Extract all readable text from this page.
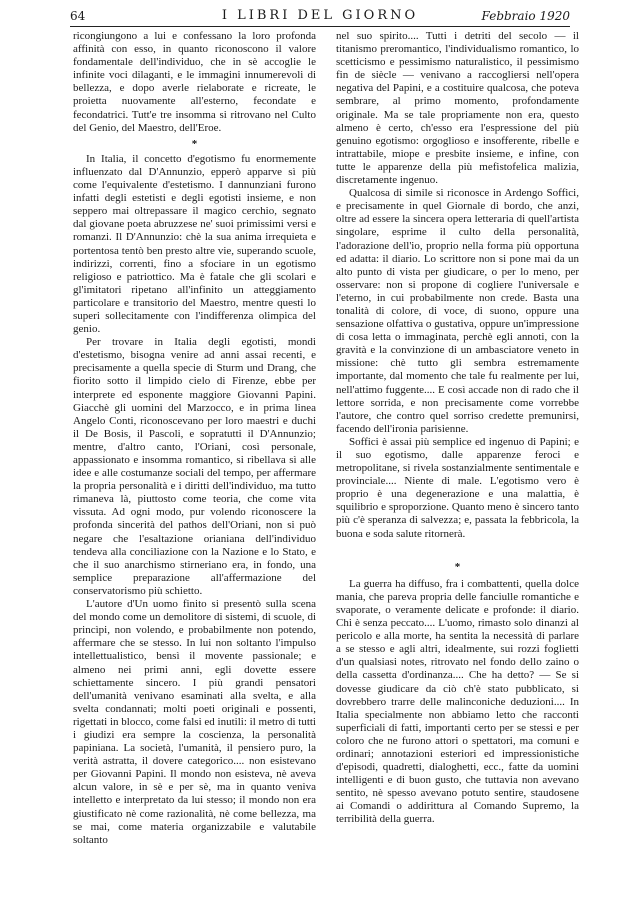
64	I LIBRI DEL GIORNO	Febbraio 1920

ricongiungono a lui e confessano la loro profonda affinità con esso, in quanto riconoscono il valore fondamentale dell'individuo, che in sè accoglie le infinite voci dilaganti, e le immagini innumerevoli di bellezza, e dopo averle rielaborate e ricreate, le proietta nuovamente all'esterno, fecondate e fecondatrici. Tutt'e tre insomma si ritrovano nel Culto del Genio, del Maestro, dell'Eroe.

*

In Italia, il concetto d'egotismo fu enormemente influenzato dal D'Annunzio, epperò apparve sì più come l'equivalente d'estetismo. I dannunziani furono infatti degli estetisti e degli egotisti insieme, e non seppero mai oltrepassare il magico cerchio, segnato dal giovane poeta abruzzese ne' suoi primissimi versi e romanzi. Il D'Annunzio: chè la sua anima irrequieta e portentosa tentò ben presto altre vie, superando scuole, indirizzi, correnti, fino a sfociare in un egotismo religioso e patriottico. Ma è fatale che gli scolari e gl'imitatori ripetano all'infinito un atteggiamento particolare e transitorio del Maestro, mentre questi lo superi sollecitamente con l'indifferenza olimpica del genio.

Per trovare in Italia degli egotisti, mondi d'estetismo, bisogna venire ad anni assai recenti, e precisamente a quella specie di Sturm und Drang, che fiorito sotto il limpido cielo di Firenze, ebbe per interprete ed esponente maggiore Giovanni Papini. Giacchè gli uomini del Marzocco, e in prima linea Angelo Conti, riconoscevano per loro maestri e duchi il De Bosis, il Pascoli, e sopratutti il D'Annunzio; mentre, d'altro canto, l'Oriani, così personale, appassionato e insomma romantico, si ribellava sì alle idee e alle costumanze sociali del tempo, per affermare la propria personalità e i diritti dell'individuo, ma tutto rimaneva là, piuttosto come teoria, che come vita vissuta. Ad ogni modo, pur volendo riconoscere la profonda sincerità del pathos dell'Oriani, non si può negare che l'esaltazione orianiana dell'individuo tendeva alla conciliazione con la Nazione e lo Stato, e che il suo anarchismo stirneriano era, in fondo, una semplice preparazione all'affermazione del conservatorismo più schietto.

L'autore d'Un uomo finito si presentò sulla scena del mondo come un demolitore di sistemi, di scuole, di princìpi, non volendo, e probabilmente non potendo, affermare che se stesso. In lui non soltanto l'impulso intellettualistico, bensì il movente passionale; e almeno nei primi anni, egli dovette essere schiettamente sincero. I più grandi pensatori dell'umanità venivano esaminati alla svelta, e alla svelta condannati; molti poeti originali e possenti, rigettati in blocco, come falsi ed inutili: il metro di tutti i giudizi era sempre la coscienza, la personalità papiniana. La società, l'umanità, il pensiero puro, la verità astratta, il dovere categorico.... non esistevano per Giovanni Papini. Il mondo non esisteva, nè aveva alcun valore, in sè e per sè, ma in quanto veniva intelletto e interpretato da lui stesso; il mondo non era giustificato nè come razionalità, nè come bellezza, ma se mai, come materia organizzabile e valutabile soltanto

nel suo spirito.... Tutti i detriti del secolo — il titanismo preromantico, l'individualismo romantico, lo scetticismo e pessimismo naturalistico, il pessimismo fin de siècle — venivano a raccogliersi nell'opera negativa del Papini, e a costituire qualcosa, che poteva sembrare, al primo momento, profondamente originale. Ma se tale propriamente non era, questo almeno è certo, ch'esso era l'espressione del più genuino egotismo: orgoglioso e insofferente, ribelle e intrattabile, miope e presbite insieme, e infine, con tutte le apparenze della più mefistofelica malizia, discretamente ingenuo.

Qualcosa di simile si riconosce in Ardengo Soffici, e precisamente in quel Giornale di bordo, che anzi, oltre ad essere la sincera opera letteraria di quell'artista singolare, esprime il culto della personalità, l'adorazione dell'io, proprio nella forma più opportuna ed adatta: il diario. Lo scrittore non si pone mai da un alto punto di vista per giudicare, o per lo meno, per osservare: non si propone di cogliere l'universale e l'eterno, in cui probabilmente non crede. Basta una tonalità di colore, di voce, di suono, oppure una sensazione olfattiva o gustativa, oppure un'impressione di cosa letta o immaginata, perchè egli annoti, con la gravità e la convinzione di un ambasciatore veneto in missione: chè tutto gli sembra estremamente importante, dal momento che tale fu realmente per lui, nell'attimo fuggente.... E così accade non di rado che il lettore sorrida, e non precisamente come vorrebbe l'autore, che contro quel sorriso credette premunirsi, facendo dell'ironia parisienne.

Soffici è assai più semplice ed ingenuo di Papini; e il suo egotismo, dalle apparenze feroci e metropolitane, si rivela sostanzialmente sentimentale e provinciale.... Niente di male. L'egotismo vero è proprio è una degenerazione e una malattia, è squilibrio e sproporzione. Quanto meno è sincero tanto più c'è speranza di salvezza; e, passata la febbricola, la buona e soda salute ritornerà.

*

La guerra ha diffuso, fra i combattenti, quella dolce mania, che pareva propria delle fanciulle romantiche e svaporate, o veramente delicate e profonde: il diario. Chi è senza peccato.... L'uomo, rimasto solo dinanzi al pericolo e alla morte, ha sentita la necessità di parlare a se stesso e agli altri, idealmente, sui rozzi foglietti d'un qualsiasi notes, ritrovato nel fondo dello zaino o della cassetta d'ordinanza.... Che ha detto? — Se si dovesse giudicare da ciò ch'è stato pubblicato, si dovrebbero trarre delle malinconiche deduzioni.... In Italia specialmente non abbiamo letto che racconti superficiali di fatti, importanti certo per se stessi e per coloro che ne furono attori o spettatori, ma comuni e ordinari; annotazioni esteriori ed impressionistiche d'episodi, quadretti, dialoghetti, ecc., fatte da uomini intelligenti e di buon gusto, che tuttavia non avevano sentito, nè spesso avevano potuto sentire, staudosene ai Comandi o addirittura al Comando Supremo, la terribilità della guerra.
